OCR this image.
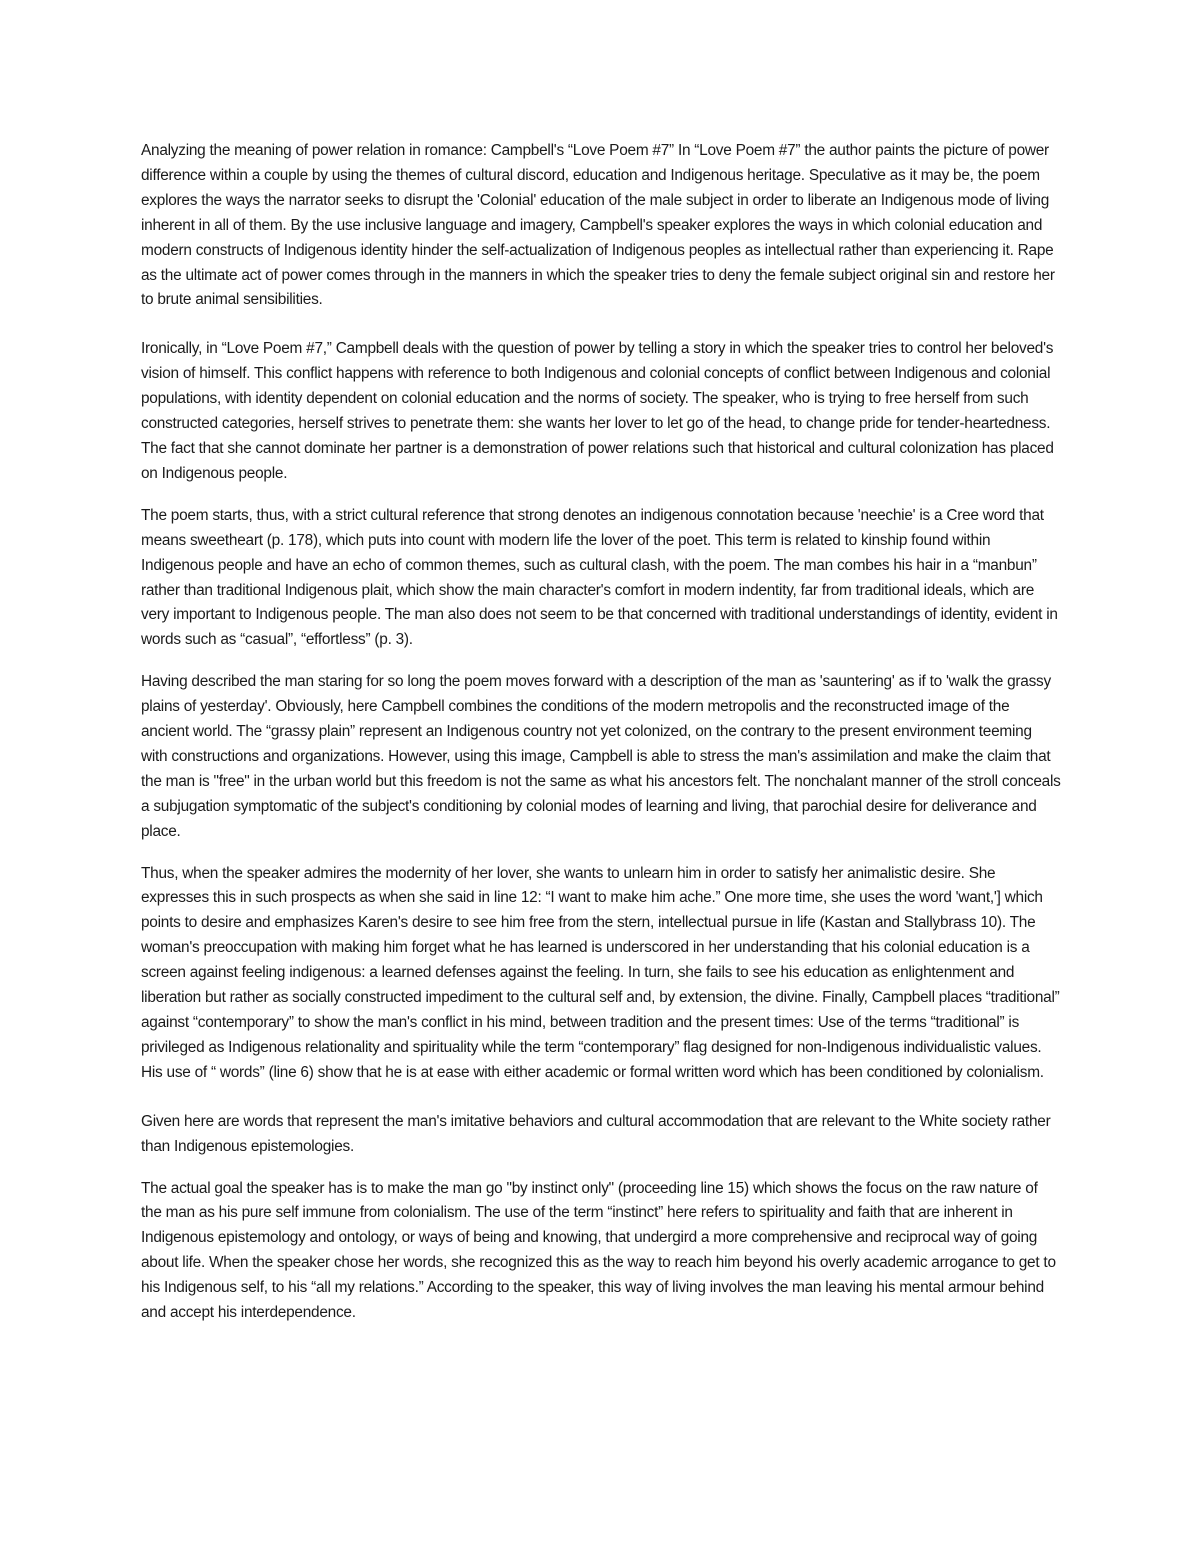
Analyzing the meaning of power relation in romance: Campbell's “Love Poem #7” In “Love Poem #7” the author paints the picture of power difference within a couple by using the themes of cultural discord, education and Indigenous heritage. Speculative as it may be, the poem explores the ways the narrator seeks to disrupt the 'Colonial' education of the male subject in order to liberate an Indigenous mode of living inherent in all of them. By the use inclusive language and imagery, Campbell's speaker explores the ways in which colonial education and modern constructs of Indigenous identity hinder the self-actualization of Indigenous peoples as intellectual rather than experiencing it. Rape as the ultimate act of power comes through in the manners in which the speaker tries to deny the female subject original sin and restore her to brute animal sensibilities.

Ironically, in “Love Poem #7,” Campbell deals with the question of power by telling a story in which the speaker tries to control her beloved's vision of himself. This conflict happens with reference to both Indigenous and colonial concepts of conflict between Indigenous and colonial populations, with identity dependent on colonial education and the norms of society. The speaker, who is trying to free herself from such constructed categories, herself strives to penetrate them: she wants her lover to let go of the head, to change pride for tender-heartedness. The fact that she cannot dominate her partner is a demonstration of power relations such that historical and cultural colonization has placed on Indigenous people.

The poem starts, thus, with a strict cultural reference that strong denotes an indigenous connotation because 'neechie' is a Cree word that means sweetheart (p. 178), which puts into count with modern life the lover of the poet. This term is related to kinship found within Indigenous people and have an echo of common themes, such as cultural clash, with the poem. The man combes his hair in a “manbun” rather than traditional Indigenous plait, which show the main character's comfort in modern indentity, far from traditional ideals, which are very important to Indigenous people. The man also does not seem to be that concerned with traditional understandings of identity, evident in words such as “casual”, “effortless” (p. 3).

Having described the man staring for so long the poem moves forward with a description of the man as 'sauntering' as if to 'walk the grassy plains of yesterday'. Obviously, here Campbell combines the conditions of the modern metropolis and the reconstructed image of the ancient world. The “grassy plain” represent an Indigenous country not yet colonized, on the contrary to the present environment teeming with constructions and organizations. However, using this image, Campbell is able to stress the man's assimilation and make the claim that the man is "free" in the urban world but this freedom is not the same as what his ancestors felt. The nonchalant manner of the stroll conceals a subjugation symptomatic of the subject's conditioning by colonial modes of learning and living, that parochial desire for deliverance and place.

Thus, when the speaker admires the modernity of her lover, she wants to unlearn him in order to satisfy her animalistic desire. She expresses this in such prospects as when she said in line 12: “I want to make him ache.” One more time, she uses the word 'want,'] which points to desire and emphasizes Karen's desire to see him free from the stern, intellectual pursue in life (Kastan and Stallybrass 10). The woman's preoccupation with making him forget what he has learned is underscored in her understanding that his colonial education is a screen against feeling indigenous: a learned defenses against the feeling. In turn, she fails to see his education as enlightenment and liberation but rather as socially constructed impediment to the cultural self and, by extension, the divine. Finally, Campbell places “traditional” against “contemporary” to show the man's conflict in his mind, between tradition and the present times: Use of the terms “traditional” is privileged as Indigenous relationality and spirituality while the term “contemporary” flag designed for non-Indigenous individualistic values. His use of “ words” (line 6) show that he is at ease with either academic or formal written word which has been conditioned by colonialism.

Given here are words that represent the man's imitative behaviors and cultural accommodation that are relevant to the White society rather than Indigenous epistemologies.

The actual goal the speaker has is to make the man go "by instinct only" (proceeding line 15) which shows the focus on the raw nature of the man as his pure self immune from colonialism. The use of the term “instinct” here refers to spirituality and faith that are inherent in Indigenous epistemology and ontology, or ways of being and knowing, that undergird a more comprehensive and reciprocal way of going about life. When the speaker chose her words, she recognized this as the way to reach him beyond his overly academic arrogance to get to his Indigenous self, to his “all my relations.” According to the speaker, this way of living involves the man leaving his mental armour behind and accept his interdependence.
